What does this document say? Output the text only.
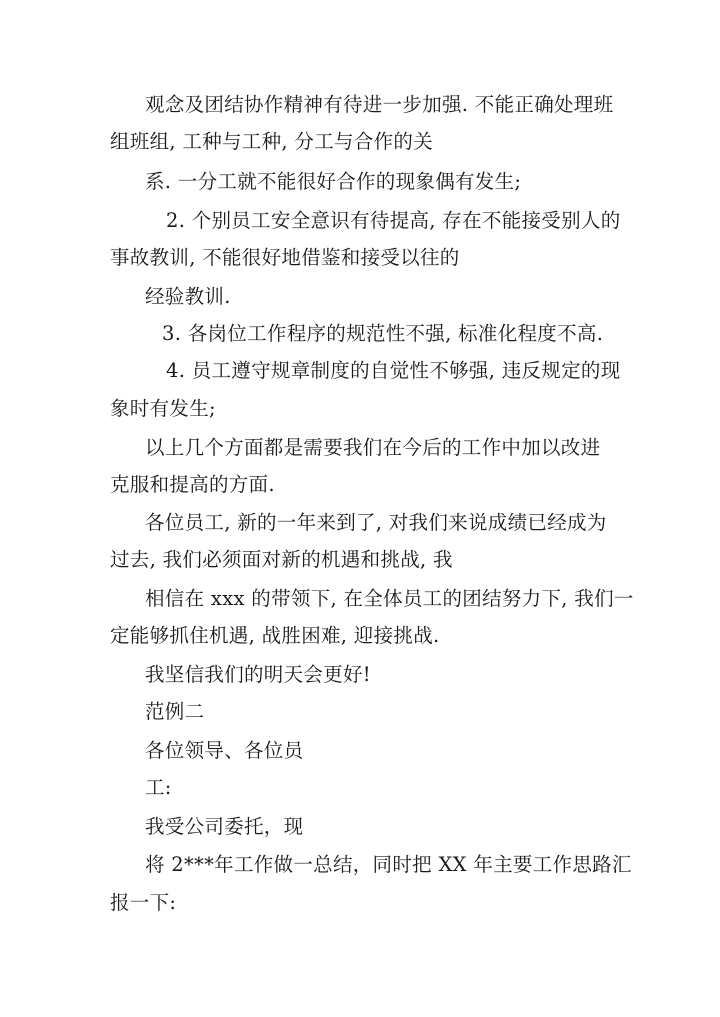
观念及团结协作精神有待进一步加强. 不能正确处理班
组班组, 工种与工种, 分工与合作的关
系. 一分工就不能很好合作的现象偶有发生;
2. 个别员工安全意识有待提高, 存在不能接受别人的
事故教训, 不能很好地借鉴和接受以往的
经验教训.
3. 各岗位工作程序的规范性不强, 标准化程度不高.
4. 员工遵守规章制度的自觉性不够强, 违反规定的现
象时有发生;
以上几个方面都是需要我们在今后的工作中加以改进
克服和提高的方面.
各位员工, 新的一年来到了, 对我们来说成绩已经成为
过去, 我们必须面对新的机遇和挑战, 我
相信在 xxx 的带领下, 在全体员工的团结努力下, 我们一
定能够抓住机遇, 战胜困难, 迎接挑战.
我坚信我们的明天会更好!
范例二
各位领导、各位员
工:
我受公司委托，现
将 2***年工作做一总结，同时把 XX 年主要工作思路汇
报一下:
